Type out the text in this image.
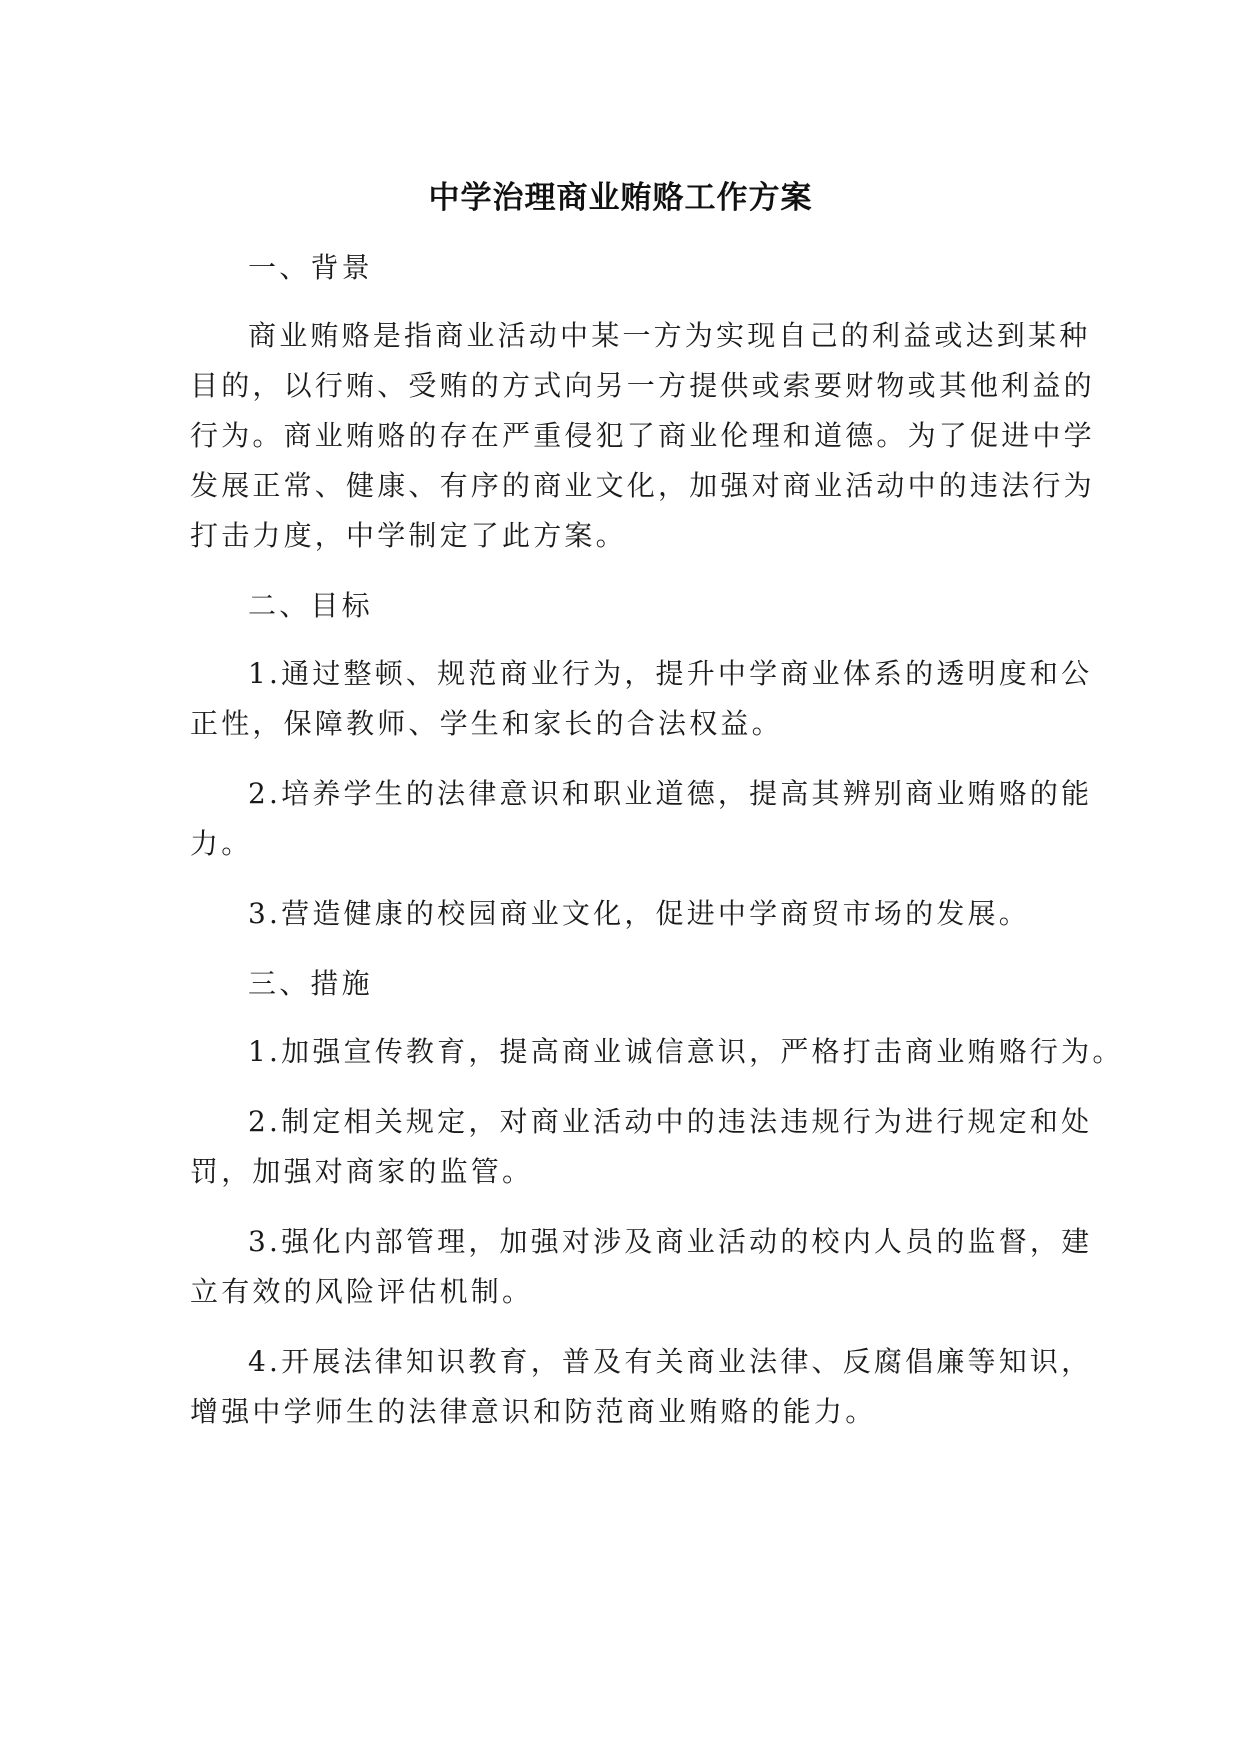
中学治理商业贿赂工作方案

一、背景

商业贿赂是指商业活动中某一方为实现自己的利益或达到某种
目的，以行贿、受贿的方式向另一方提供或索要财物或其他利益的
行为。商业贿赂的存在严重侵犯了商业伦理和道德。为了促进中学
发展正常、健康、有序的商业文化，加强对商业活动中的违法行为
打击力度，中学制定了此方案。

二、目标

1.通过整顿、规范商业行为，提升中学商业体系的透明度和公
正性，保障教师、学生和家长的合法权益。

2.培养学生的法律意识和职业道德，提高其辨别商业贿赂的能
力。

3.营造健康的校园商业文化，促进中学商贸市场的发展。

三、措施

1.加强宣传教育，提高商业诚信意识，严格打击商业贿赂行为。

2.制定相关规定，对商业活动中的违法违规行为进行规定和处
罚，加强对商家的监管。

3.强化内部管理，加强对涉及商业活动的校内人员的监督，建
立有效的风险评估机制。

4.开展法律知识教育，普及有关商业法律、反腐倡廉等知识，
增强中学师生的法律意识和防范商业贿赂的能力。
